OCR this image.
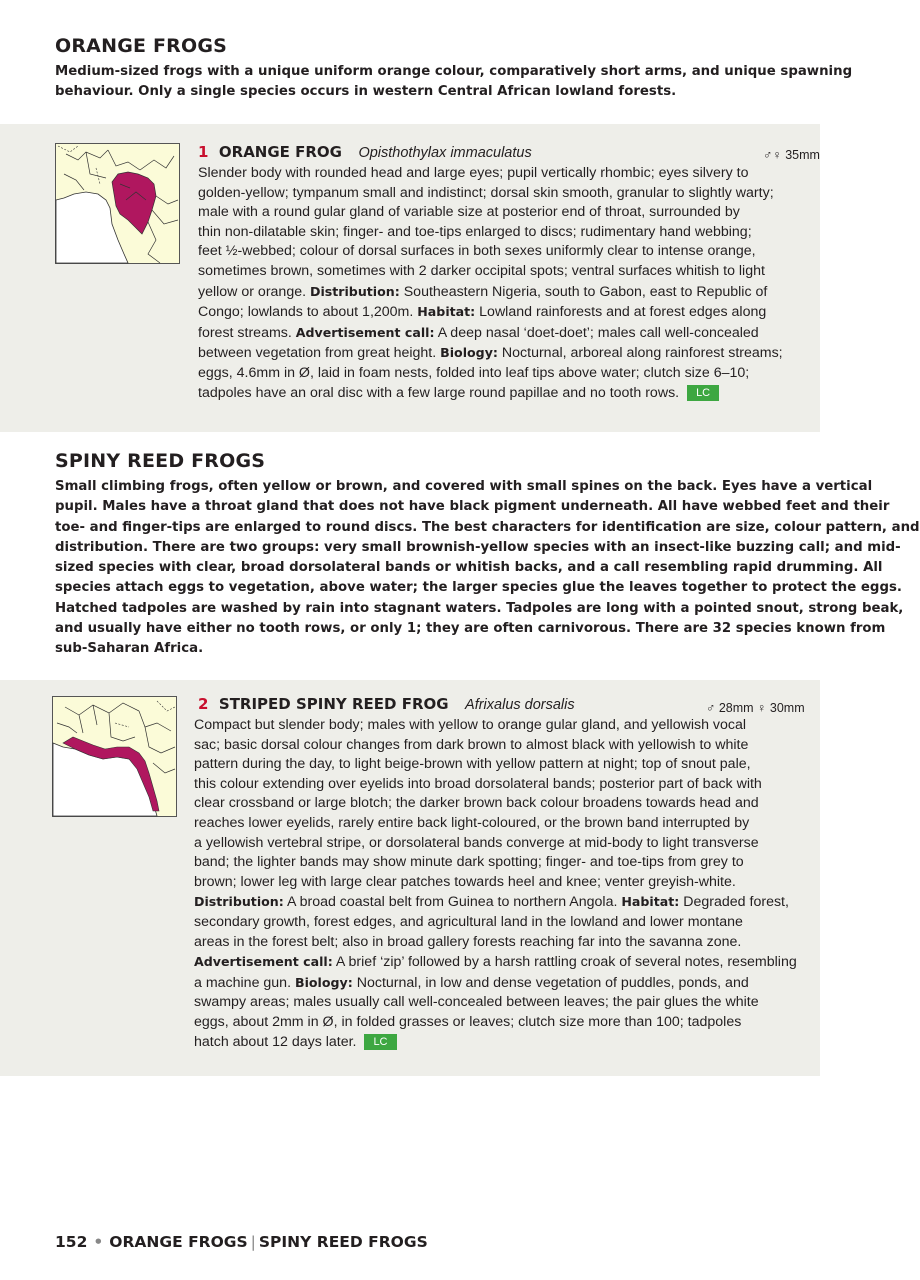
ORANGE FROGS
Medium-sized frogs with a unique uniform orange colour, comparatively short arms, and unique spawning
behaviour. Only a single species occurs in western Central African lowland forests.
1 ORANGE FROG Opisthothylax immaculatus	♂♀ 35mm
Slender body with rounded head and large eyes; pupil vertically rhombic; eyes silvery to
golden-yellow; tympanum small and indistinct; dorsal skin smooth, granular to slightly warty;
male with a round gular gland of variable size at posterior end of throat, surrounded by
thin non-dilatable skin; finger- and toe-tips enlarged to discs; rudimentary hand webbing;
feet ½-webbed; colour of dorsal surfaces in both sexes uniformly clear to intense orange,
sometimes brown, sometimes with 2 darker occipital spots; ventral surfaces whitish to light
yellow or orange. Distribution: Southeastern Nigeria, south to Gabon, east to Republic of
Congo; lowlands to about 1,200m. Habitat: Lowland rainforests and at forest edges along
forest streams. Advertisement call: A deep nasal ‘doet-doet’; males call well-concealed
between vegetation from great height. Biology: Nocturnal, arboreal along rainforest streams;
eggs, 4.6mm in Ø, laid in foam nests, folded into leaf tips above water; clutch size 6–10;
tadpoles have an oral disc with a few large round papillae and no tooth rows. LC
SPINY REED FROGS
Small climbing frogs, often yellow or brown, and covered with small spines on the back. Eyes have a vertical
pupil. Males have a throat gland that does not have black pigment underneath. All have webbed feet and their
toe- and finger-tips are enlarged to round discs. The best characters for identification are size, colour pattern, and
distribution. There are two groups: very small brownish-yellow species with an insect-like buzzing call; and mid-
sized species with clear, broad dorsolateral bands or whitish backs, and a call resembling rapid drumming. All
species attach eggs to vegetation, above water; the larger species glue the leaves together to protect the eggs.
Hatched tadpoles are washed by rain into stagnant waters. Tadpoles are long with a pointed snout, strong beak,
and usually have either no tooth rows, or only 1; they are often carnivorous. There are 32 species known from
sub-Saharan Africa.
2 STRIPED SPINY REED FROG Afrixalus dorsalis	♂ 28mm ♀ 30mm
Compact but slender body; males with yellow to orange gular gland, and yellowish vocal
sac; basic dorsal colour changes from dark brown to almost black with yellowish to white
pattern during the day, to light beige-brown with yellow pattern at night; top of snout pale,
this colour extending over eyelids into broad dorsolateral bands; posterior part of back with
clear crossband or large blotch; the darker brown back colour broadens towards head and
reaches lower eyelids, rarely entire back light-coloured, or the brown band interrupted by
a yellowish vertebral stripe, or dorsolateral bands converge at mid-body to light transverse
band; the lighter bands may show minute dark spotting; finger- and toe-tips from grey to
brown; lower leg with large clear patches towards heel and knee; venter greyish-white.
Distribution: A broad coastal belt from Guinea to northern Angola. Habitat: Degraded forest,
secondary growth, forest edges, and agricultural land in the lowland and lower montane
areas in the forest belt; also in broad gallery forests reaching far into the savanna zone.
Advertisement call: A brief ‘zip’ followed by a harsh rattling croak of several notes, resembling
a machine gun. Biology: Nocturnal, in low and dense vegetation of puddles, ponds, and
swampy areas; males usually call well-concealed between leaves; the pair glues the white
eggs, about 2mm in Ø, in folded grasses or leaves; clutch size more than 100; tadpoles
hatch about 12 days later. LC
152 • ORANGE FROGS | SPINY REED FROGS
